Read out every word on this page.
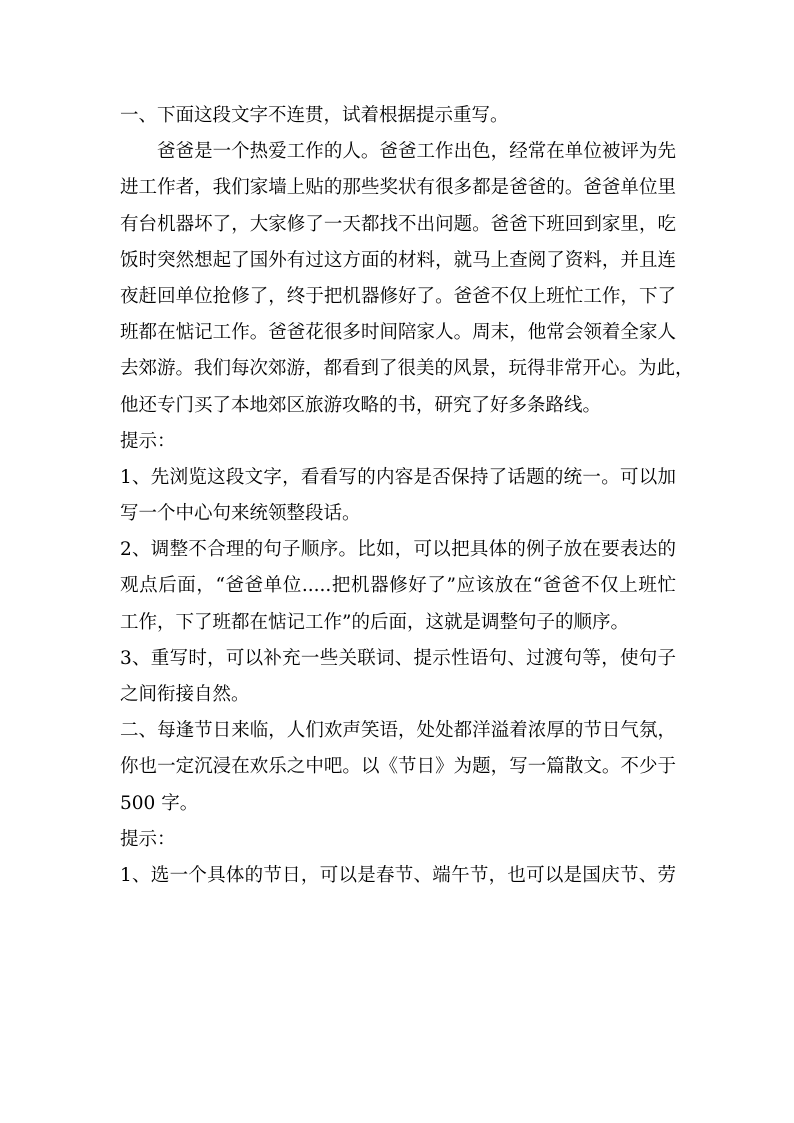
一、下面这段文字不连贯，试着根据提示重写。
爸爸是一个热爱工作的人。爸爸工作出色，经常在单位被评为先
进工作者，我们家墙上贴的那些奖状有很多都是爸爸的。爸爸单位里
有台机器坏了，大家修了一天都找不出问题。爸爸下班回到家里，吃
饭时突然想起了国外有过这方面的材料，就马上查阅了资料，并且连
夜赶回单位抢修了，终于把机器修好了。爸爸不仅上班忙工作，下了
班都在惦记工作。爸爸花很多时间陪家人。周末，他常会领着全家人
去郊游。我们每次郊游，都看到了很美的风景，玩得非常开心。为此，
他还专门买了本地郊区旅游攻略的书，研究了好多条路线。
提示：
1、先浏览这段文字，看看写的内容是否保持了话题的统一。可以加
写一个中心句来统领整段话。
2、调整不合理的句子顺序。比如，可以把具体的例子放在要表达的
观点后面，“爸爸单位.....把机器修好了”应该放在“爸爸不仅上班忙
工作，下了班都在惦记工作”的后面，这就是调整句子的顺序。
3、重写时，可以补充一些关联词、提示性语句、过渡句等，使句子
之间衔接自然。
二、每逢节日来临，人们欢声笑语，处处都洋溢着浓厚的节日气氛，
你也一定沉浸在欢乐之中吧。以《节日》为题，写一篇散文。不少于
500 字。
提示：
1、选一个具体的节日，可以是春节、端午节，也可以是国庆节、劳
